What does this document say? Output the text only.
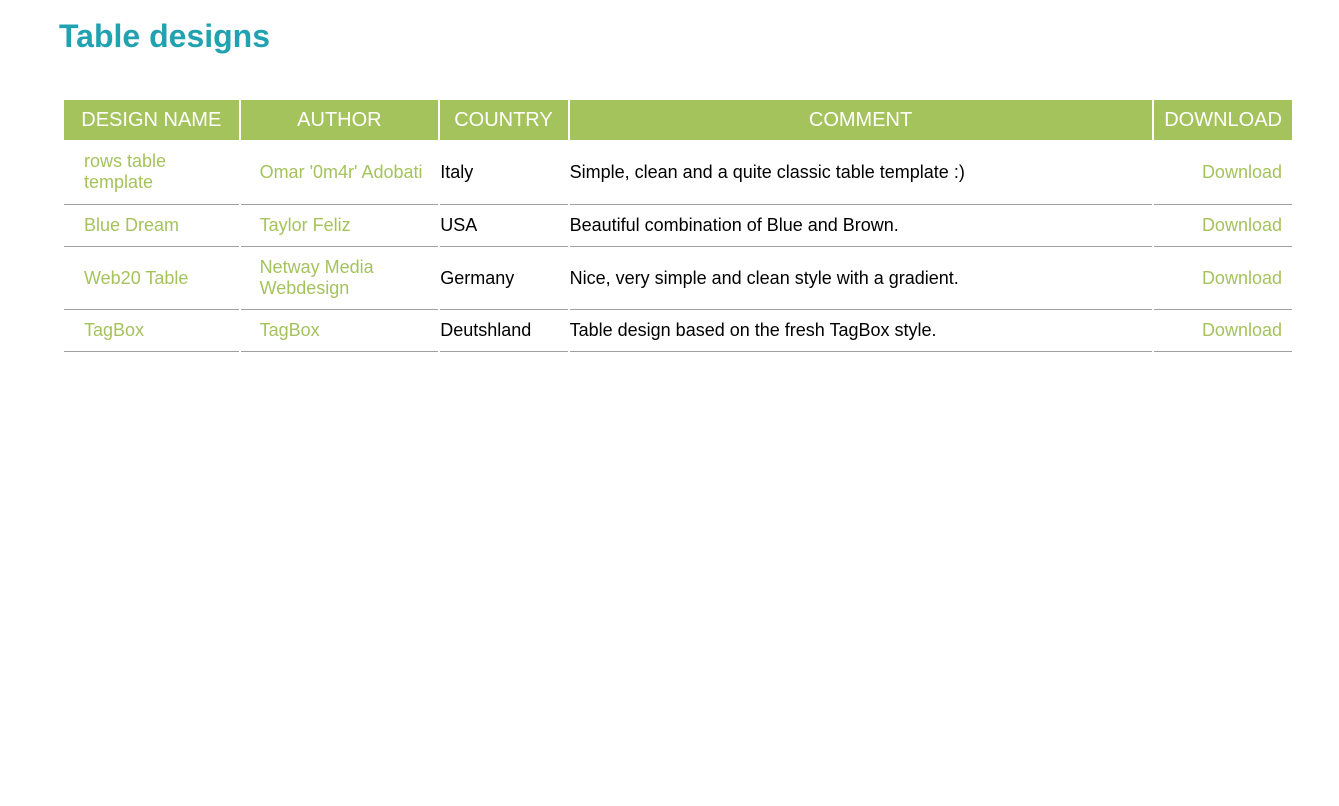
Table designs
DESIGN NAME	AUTHOR	COUNTRY	COMMENT	DOWNLOAD
rows table template	Omar '0m4r' Adobati	Italy	Simple, clean and a quite classic table template :)	Download
Blue Dream	Taylor Feliz	USA	Beautiful combination of Blue and Brown.	Download
Web20 Table	Netway Media Webdesign	Germany	Nice, very simple and clean style with a gradient.	Download
TagBox	TagBox	Deutshland	Table design based on the fresh TagBox style.	Download
